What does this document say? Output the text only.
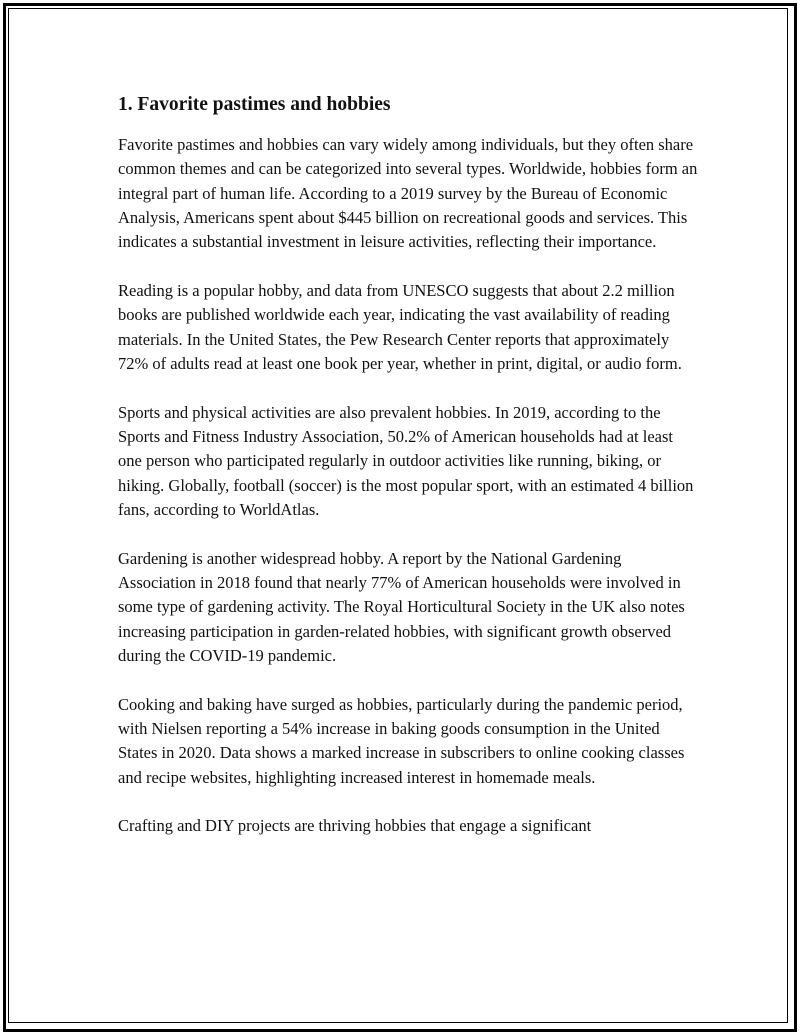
1. Favorite pastimes and hobbies

Favorite pastimes and hobbies can vary widely among individuals, but they often share common themes and can be categorized into several types. Worldwide, hobbies form an integral part of human life. According to a 2019 survey by the Bureau of Economic Analysis, Americans spent about $445 billion on recreational goods and services. This indicates a substantial investment in leisure activities, reflecting their importance.

Reading is a popular hobby, and data from UNESCO suggests that about 2.2 million books are published worldwide each year, indicating the vast availability of reading materials. In the United States, the Pew Research Center reports that approximately 72% of adults read at least one book per year, whether in print, digital, or audio form.

Sports and physical activities are also prevalent hobbies. In 2019, according to the Sports and Fitness Industry Association, 50.2% of American households had at least one person who participated regularly in outdoor activities like running, biking, or hiking. Globally, football (soccer) is the most popular sport, with an estimated 4 billion fans, according to WorldAtlas.

Gardening is another widespread hobby. A report by the National Gardening Association in 2018 found that nearly 77% of American households were involved in some type of gardening activity. The Royal Horticultural Society in the UK also notes increasing participation in garden-related hobbies, with significant growth observed during the COVID-19 pandemic.

Cooking and baking have surged as hobbies, particularly during the pandemic period, with Nielsen reporting a 54% increase in baking goods consumption in the United States in 2020. Data shows a marked increase in subscribers to online cooking classes and recipe websites, highlighting increased interest in homemade meals.

Crafting and DIY projects are thriving hobbies that engage a significant
